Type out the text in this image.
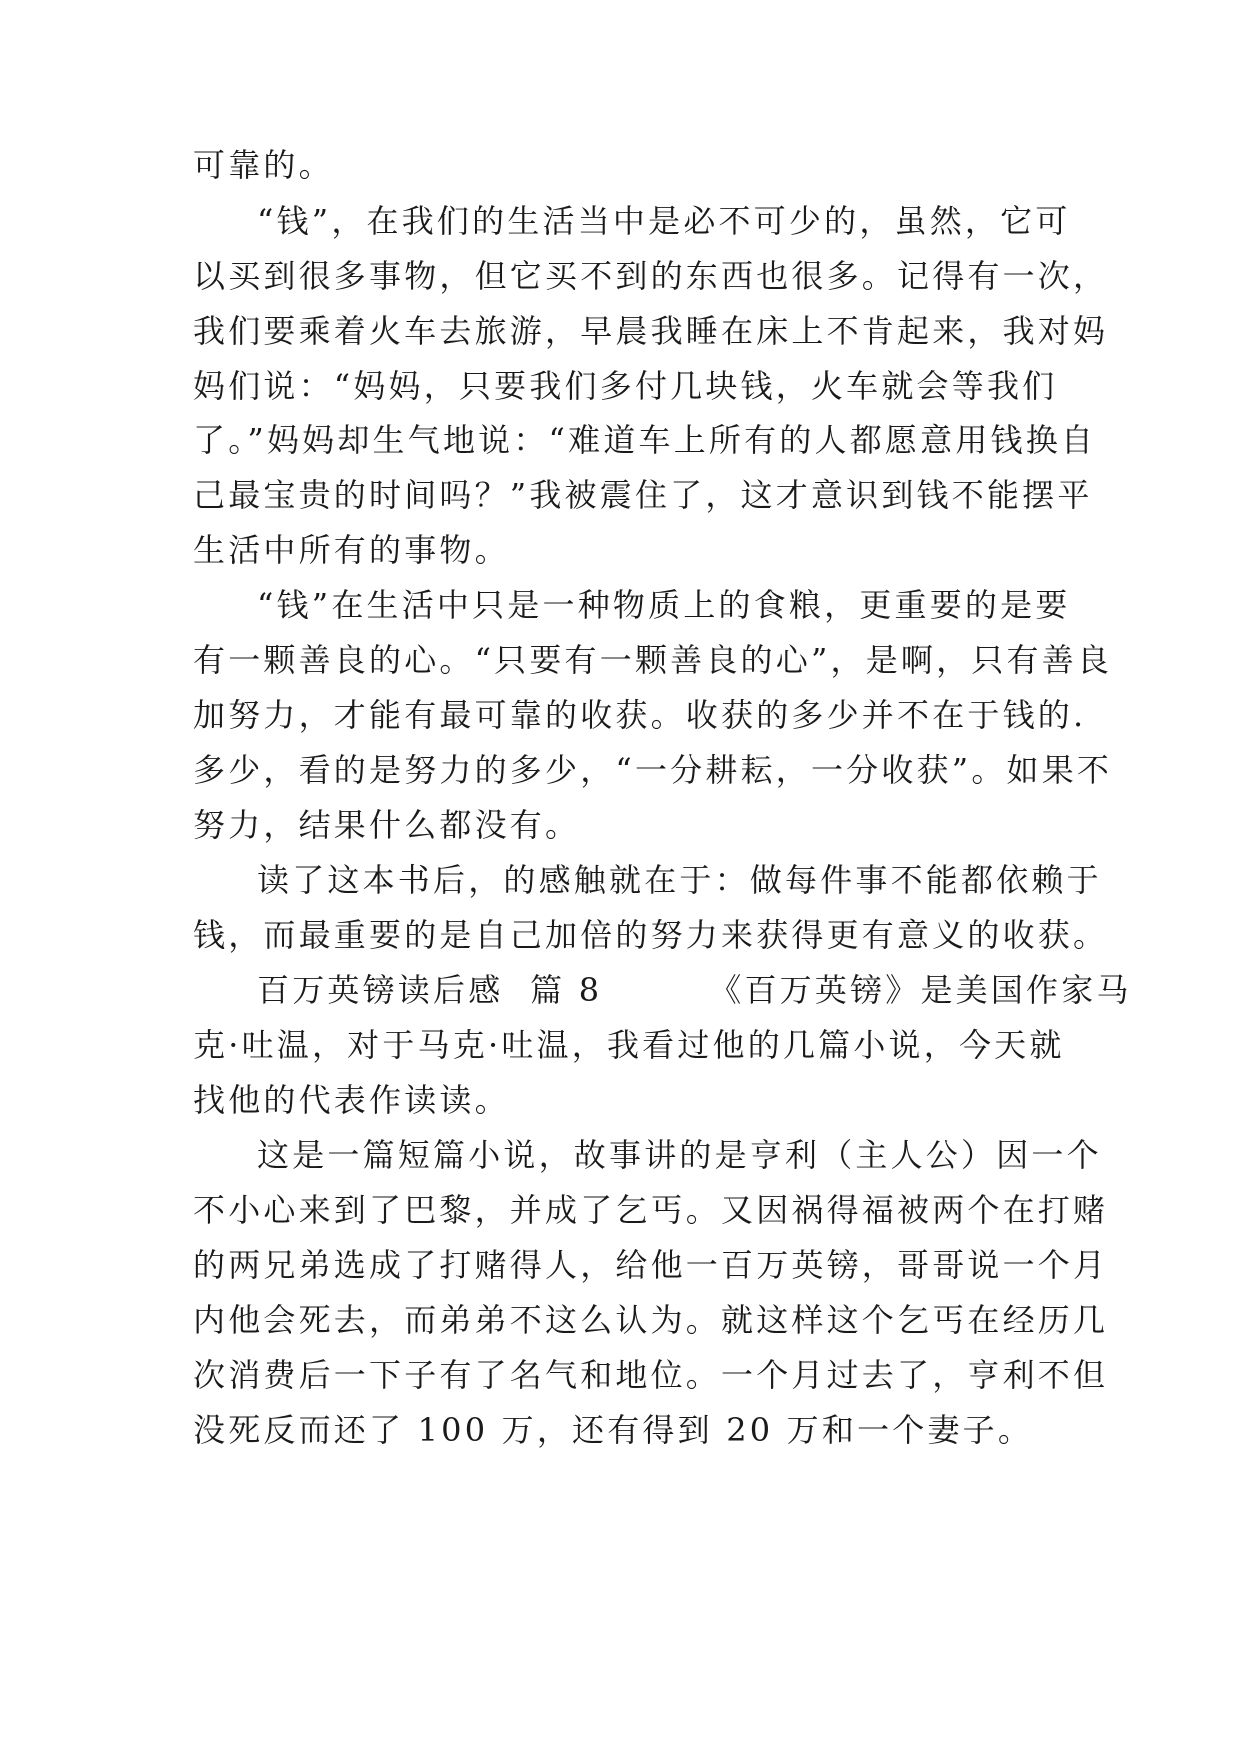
可靠的。
“钱”，在我们的生活当中是必不可少的，虽然，它可
以买到很多事物，但它买不到的东西也很多。记得有一次，
我们要乘着火车去旅游，早晨我睡在床上不肯起来，我对妈
妈们说：“妈妈，只要我们多付几块钱，火车就会等我们
了。”妈妈却生气地说：“难道车上所有的人都愿意用钱换自
己最宝贵的时间吗？”我被震住了，这才意识到钱不能摆平
生活中所有的事物。
“钱”在生活中只是一种物质上的食粮，更重要的是要
有一颗善良的心。“只要有一颗善良的心”，是啊，只有善良
加努力，才能有最可靠的收获。收获的多少并不在于钱的.
多少，看的是努力的多少，“一分耕耘，一分收获”。如果不
努力，结果什么都没有。
读了这本书后，的感触就在于：做每件事不能都依赖于
钱，而最重要的是自己加倍的努力来获得更有意义的收获。
百万英镑读后感  篇 8        《百万英镑》是美国作家马
克·吐温，对于马克·吐温，我看过他的几篇小说，今天就
找他的代表作读读。
这是一篇短篇小说，故事讲的是亨利（主人公）因一个
不小心来到了巴黎，并成了乞丐。又因祸得福被两个在打赌
的两兄弟选成了打赌得人，给他一百万英镑，哥哥说一个月
内他会死去，而弟弟不这么认为。就这样这个乞丐在经历几
次消费后一下子有了名气和地位。一个月过去了，亨利不但
没死反而还了 100 万，还有得到 20 万和一个妻子。
